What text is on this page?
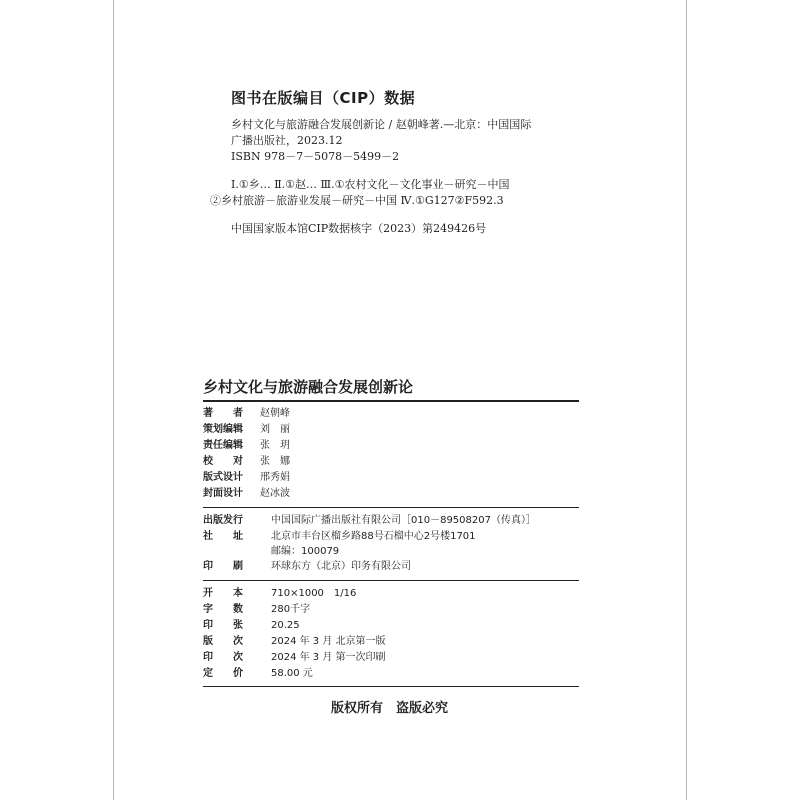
图书在版编目（CIP）数据
乡村文化与旅游融合发展创新论 / 赵朝峰著.—北京：中国国际
广播出版社，2023.12
ISBN 978－7－5078－5499－2
Ⅰ.①乡… Ⅱ.①赵… Ⅲ.①农村文化－文化事业－研究－中国
②乡村旅游－旅游业发展－研究－中国 Ⅳ.①G127②F592.3
中国国家版本馆CIP数据核字（2023）第249426号
乡村文化与旅游融合发展创新论
著　　者 赵朝峰
策划编辑 刘　丽
责任编辑 张　玥
校　　对 张　娜
版式设计 邢秀娟
封面设计 赵冰波
出版发行	中国国际广播出版社有限公司［010－89508207（传真）］
社　　址	北京市丰台区榴乡路88号石榴中心2号楼1701
邮编：100079
印　　刷	环球东方（北京）印务有限公司
开　　本	710×1000　1/16
字　　数	280千字
印　　张	20.25
版　　次	2024 年 3 月 北京第一版
印　　次	2024 年 3 月 第一次印刷
定　　价	58.00 元
版权所有　盗版必究
